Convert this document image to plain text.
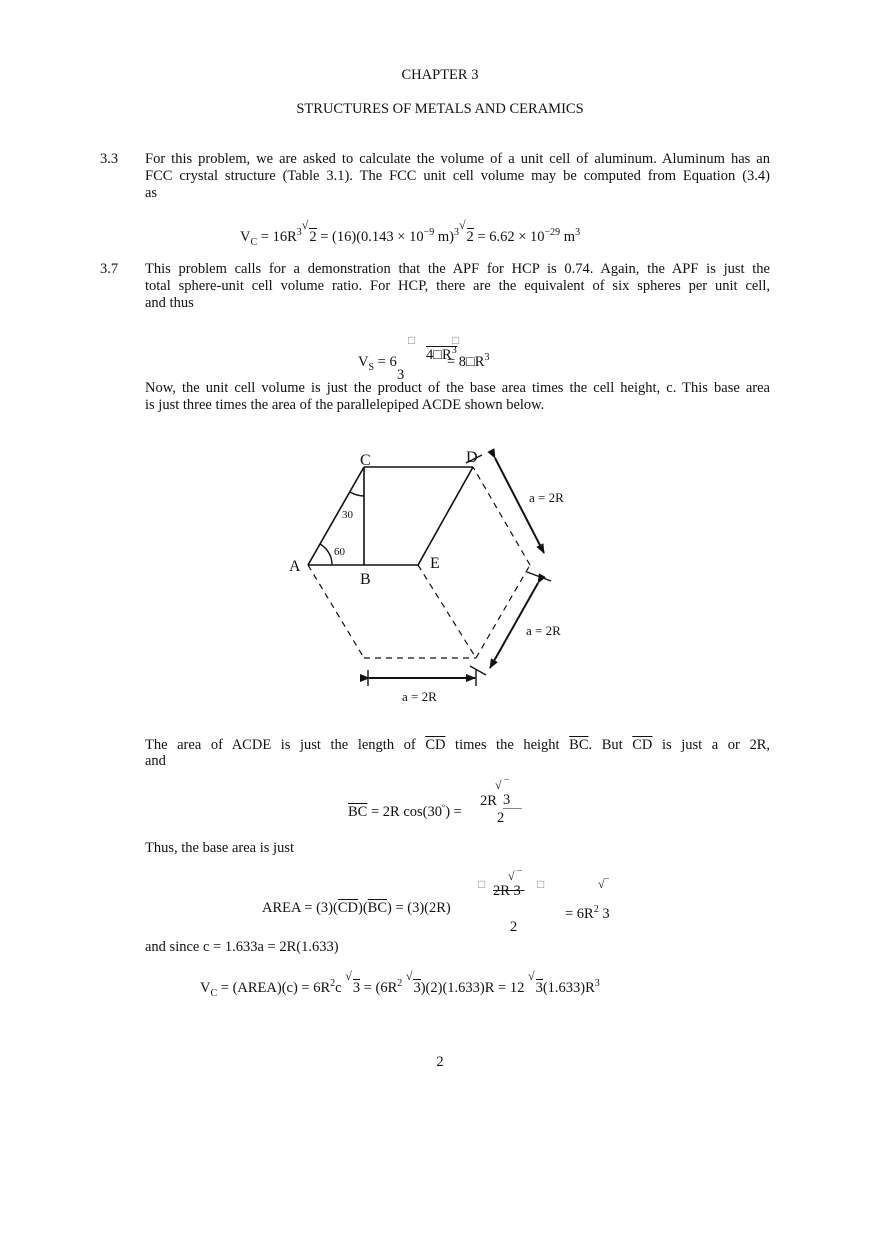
CHAPTER 3
STRUCTURES OF METALS AND CERAMICS
3.3 For this problem, we are asked to calculate the volume of a unit cell of aluminum. Aluminum has an
FCC crystal structure (Table 3.1). The FCC unit cell volume may be computed from Equation (3.4)
as
$V_C = 16R^{3√}2 = (16)(0.143 \times 10^{-9}$ $m)^{3√}2 = 6.62 \times 10^{-29}$ $m^3$
3.7 This problem calls for a demonstration that the APF for HCP is 0.74. Again, the APF is just the
total sphere-unit cell volume ratio. For HCP, there are the equivalent of six spheres per unit cell,
and thus
$V_S = 6$
□
$4□R^3$
□
3
= $8□R^3$
Now, the unit cell volume is just the product of the base area times the cell height, c. This base area
is just three times the area of the parallelepiped ACDE shown below.
A
B
C	D
E
60
30
a = 2R
a = 2R
a = 2R
The area of ACDE is just the length of $\overline{CD}$ times the height $\overline{BC}$. But $\overline{CD}$ is just a or 2R,
and
$\overline{BC} = 2R$ cos(30°) =
2R
√ ‾
3
2
Thus, the base area is just
AREA = $(3)(\overline{CD})(\overline{BC}) = (3)(2R)$
□ 2R 3
√ ‾
□
2
= $6R^2$ 3
√‾
and since c = 1.633a = 2R(1.633)
$V_C$ = (AREA)(c) = $6R^2c$ $^√3 = (6R^2$ √3)(2)(1.633)R = 12 $^√3(1.633)R^3$
2
